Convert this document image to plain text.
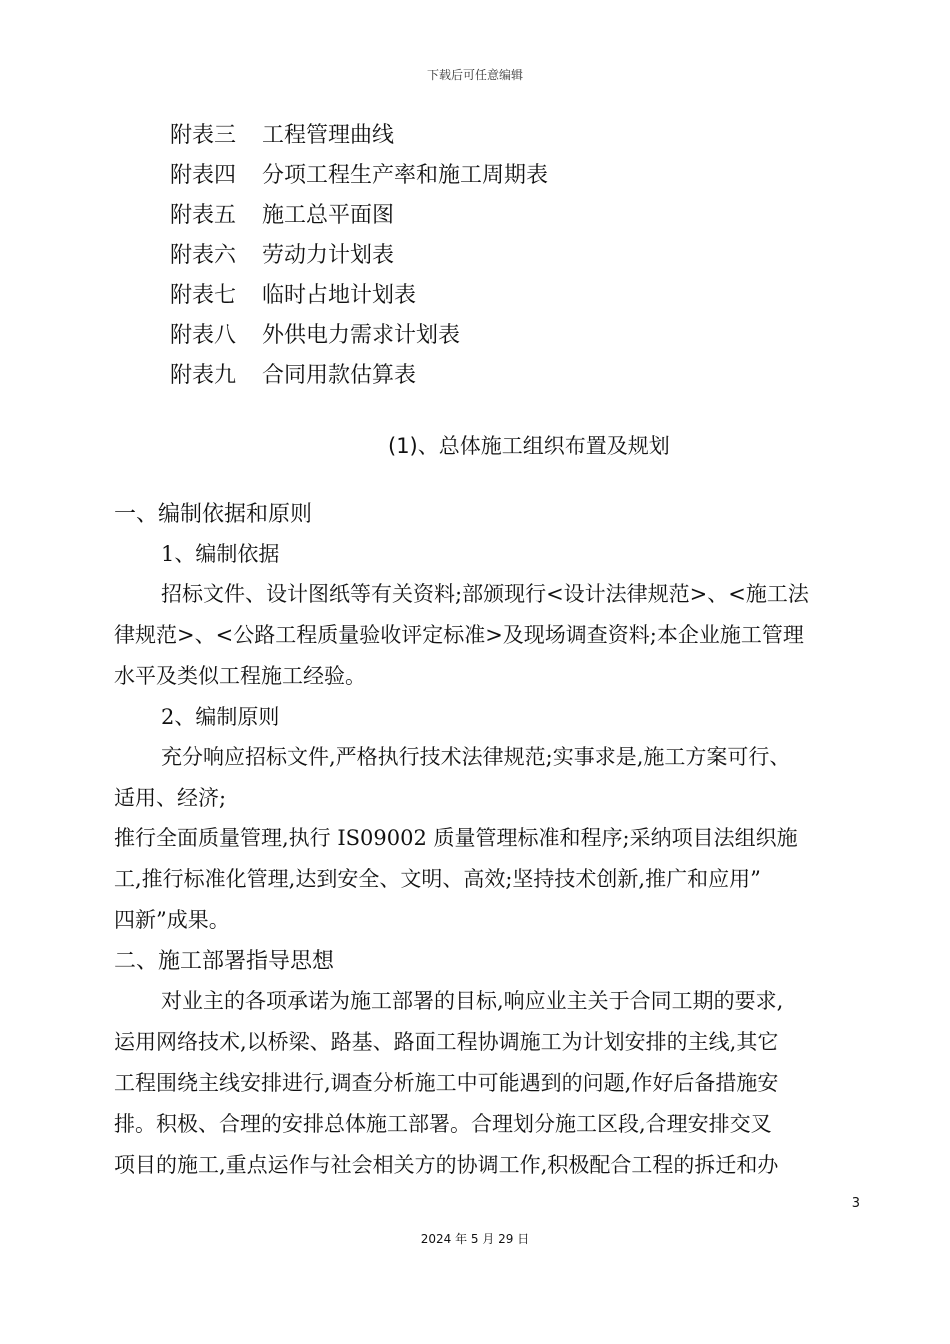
下载后可任意编辑
附表三	工程管理曲线
附表四	分项工程生产率和施工周期表
附表五	施工总平面图
附表六	劳动力计划表
附表七	临时占地计划表
附表八	外供电力需求计划表
附表九	合同用款估算表
(1)、总体施工组织布置及规划
一、编制依据和原则
1、编制依据
招标文件、设计图纸等有关资料;部颁现行<设计法律规范>、<施工法
律规范>、<公路工程质量验收评定标准>及现场调查资料;本企业施工管理
水平及类似工程施工经验。
2、编制原则
充分响应招标文件,严格执行技术法律规范;实事求是,施工方案可行、
适用、经济;
推行全面质量管理,执行 IS09002 质量管理标准和程序;采纳项目法组织施
工,推行标准化管理,达到安全、文明、高效;坚持技术创新,推广和应用”
四新”成果。
二、施工部署指导思想
对业主的各项承诺为施工部署的目标,响应业主关于合同工期的要求,
运用网络技术,以桥梁、路基、路面工程协调施工为计划安排的主线,其它
工程围绕主线安排进行,调查分析施工中可能遇到的问题,作好后备措施安
排。积极、合理的安排总体施工部署。合理划分施工区段,合理安排交叉
项目的施工,重点运作与社会相关方的协调工作,积极配合工程的拆迁和办
3
2024 年 5 月 29 日
